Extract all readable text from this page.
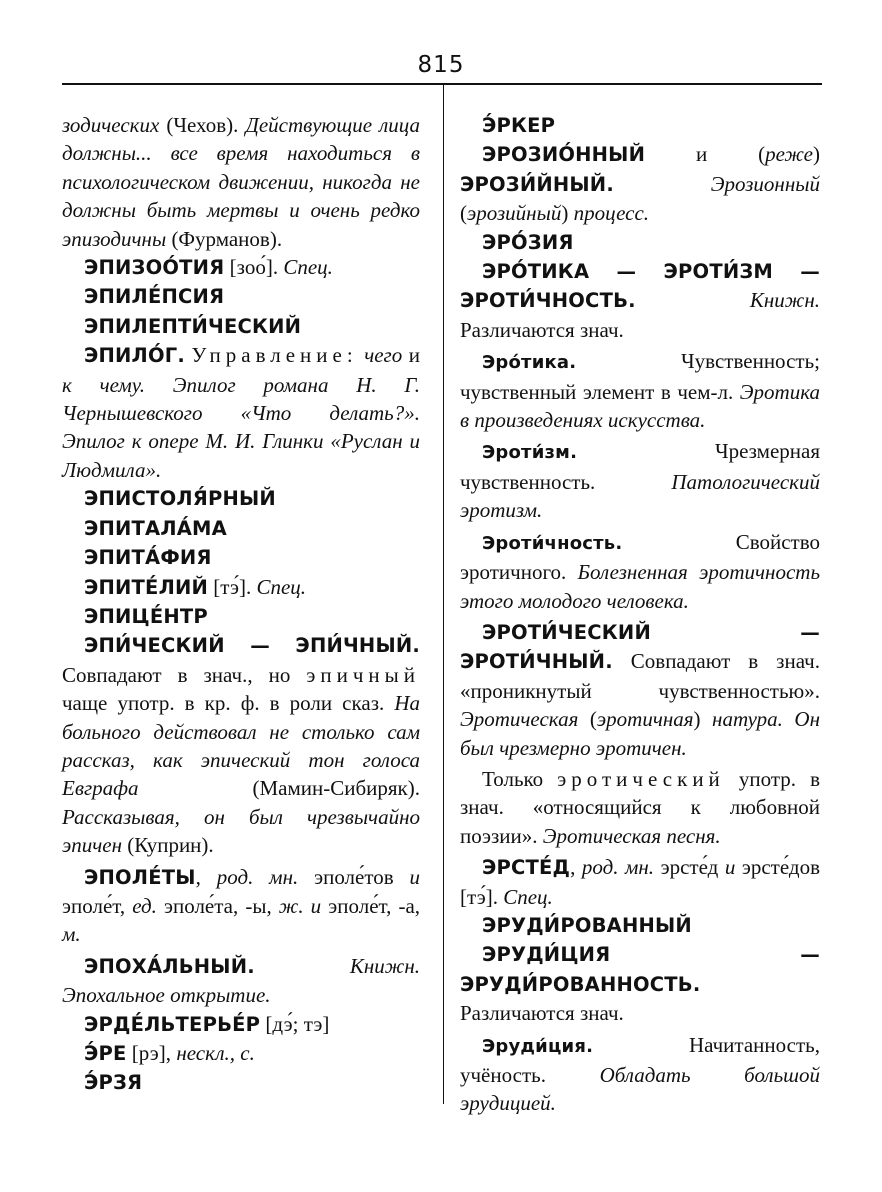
815

зодических (Чехов). Действующие лица должны... все время находиться в психологическом движении, никогда не должны быть мертвы и очень редко эпизодичны (Фурманов).

ЭПИЗОО́ТИЯ [зоо́]. Спец.

ЭПИЛЕ́ПСИЯ

ЭПИЛЕПТИ́ЧЕСКИЙ

ЭПИЛО́Г. Управление: чего и к чему. Эпилог романа Н. Г. Чернышевского «Что делать?». Эпилог к опере М. И. Глинки «Руслан и Людмила».

ЭПИСТОЛЯ́РНЫЙ

ЭПИТАЛА́МА

ЭПИТА́ФИЯ

ЭПИТЕ́ЛИЙ [тэ́]. Спец.

ЭПИЦЕ́НТР

ЭПИ́ЧЕСКИЙ — ЭПИ́ЧНЫЙ. Совпадают в знач., но эпичный чаще употр. в кр. ф. в роли сказ. На больного действовал не столько сам рассказ, как эпический тон голоса Евграфа (Мамин-Сибиряк). Рассказывая, он был чрезвычайно эпичен (Куприн).

ЭПОЛЕ́ТЫ, род. мн. эполе́тов и эполе́т, ед. эполе́та, -ы, ж. и эполе́т, -а, м.

ЭПОХА́ЛЬНЫЙ.	Книжн. Эпохальное открытие.

ЭРДЕ́ЛЬТЕРЬЕ́Р [дэ́; тэ]

Э́РЕ [рэ], нескл., с.

Э́РЗЯ

Э́РКЕР

ЭРОЗИО́ННЫЙ и (реже) ЭРОЗИ́ЙНЫЙ.	Эрозионный (эрозийный) процесс.

ЭРО́ЗИЯ

ЭРО́ТИКА — ЭРОТИ́ЗМ — ЭРОТИ́ЧНОСТЬ.	Книжн. Различаются знач.

Эро́тика. Чувственность; чувственный элемент в чем-л. Эротика в произведениях искусства.

Эроти́зм. Чрезмерная чувственность. Патологический эротизм.

Эроти́чность. Свойство эротичного. Болезненная эротичность этого молодого человека.

ЭРОТИ́ЧЕСКИЙ — ЭРОТИ́ЧНЫЙ. Совпадают в знач. «проникнутый чувственностью». Эротическая (эротичная) натура. Он был чрезмерно эротичен.

Только эротический употр. в знач. «относящийся к любовной поэзии». Эротическая песня.

ЭРСТЕ́Д, род. мн. эрсте́д и эрсте́дов [тэ́]. Спец.

ЭРУДИ́РОВАННЫЙ

ЭРУДИ́ЦИЯ — ЭРУДИ́РОВАННОСТЬ. Различаются знач.

Эруди́ция. Начитанность, учёность. Обладать большой эрудицией.
